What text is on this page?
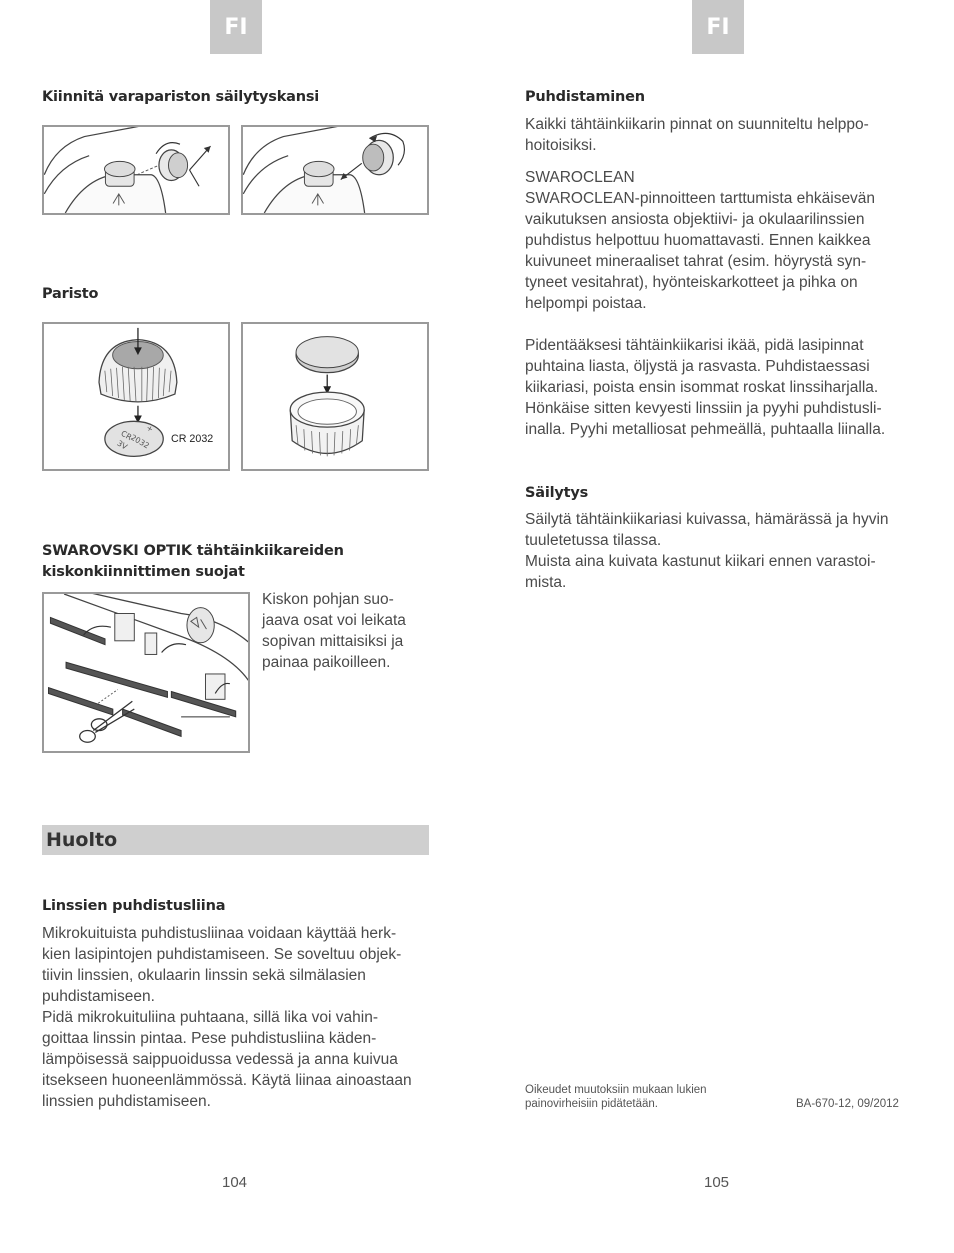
FI	FI
Kiinnitä varapariston säilytyskansi
Paristo
CR
+
2032
3V	CR 2032
SWAROVSKI OPTIK tähtäinkiikareiden
kiskonkiinnittimen suojat

Kiskon pohjan suo-

jaava osat voi leikata

sopivan mittaisiksi ja

painaa paikoilleen.

Huolto
Linssien puhdistusliina

Mikrokuituista puhdistusliinaa voidaan käyttää herk-

kien lasipintojen puhdistamiseen. Se soveltuu objek-

tiivin linssien, okulaarin linssin sekä silmälasien

puhdistamiseen.

Pidä mikrokuituliina puhtaana, sillä lika voi vahin-

goittaa linssin pintaa. Pese puhdistusliina käden-

lämpöisessä saippuoidussa vedessä ja anna kuivua

itsekseen huoneenlämmössä. Käytä liinaa ainoastaan

linssien puhdistamiseen.

104
Puhdistaminen

Kaikki tähtäinkiikarin pinnat on suunniteltu helppo-

hoitoisiksi.

SWAROCLEAN

SWAROCLEAN-pinnoitteen tarttumista ehkäisevän

vaikutuksen ansiosta objektiivi- ja okulaarilinssien

puhdistus helpottuu huomattavasti. Ennen kaikkea

kuivuneet mineraaliset tahrat (esim. höyrystä syn-

tyneet vesitahrat), hyönteiskarkotteet ja pihka on

helpompi poistaa.

Pidentääksesi tähtäinkiikarisi ikää, pidä lasipinnat

puhtaina liasta, öljystä ja rasvasta. Puhdistaessasi

kiikariasi, poista ensin isommat roskat linssiharjalla.

Hönkäise sitten kevyesti linssiin ja pyyhi puhdistusli-

inalla. Pyyhi metalliosat pehmeällä, puhtaalla liinalla.

Säilytys

Säilytä tähtäinkiikariasi kuivassa, hämärässä ja hyvin

tuuletetussa tilassa.

Muista aina kuivata kastunut kiikari ennen varastoi-

mista.

Oikeudet muutoksiin mukaan lukien
painovirheisiin pidätetään.	BA-670-12, 09/2012
105
